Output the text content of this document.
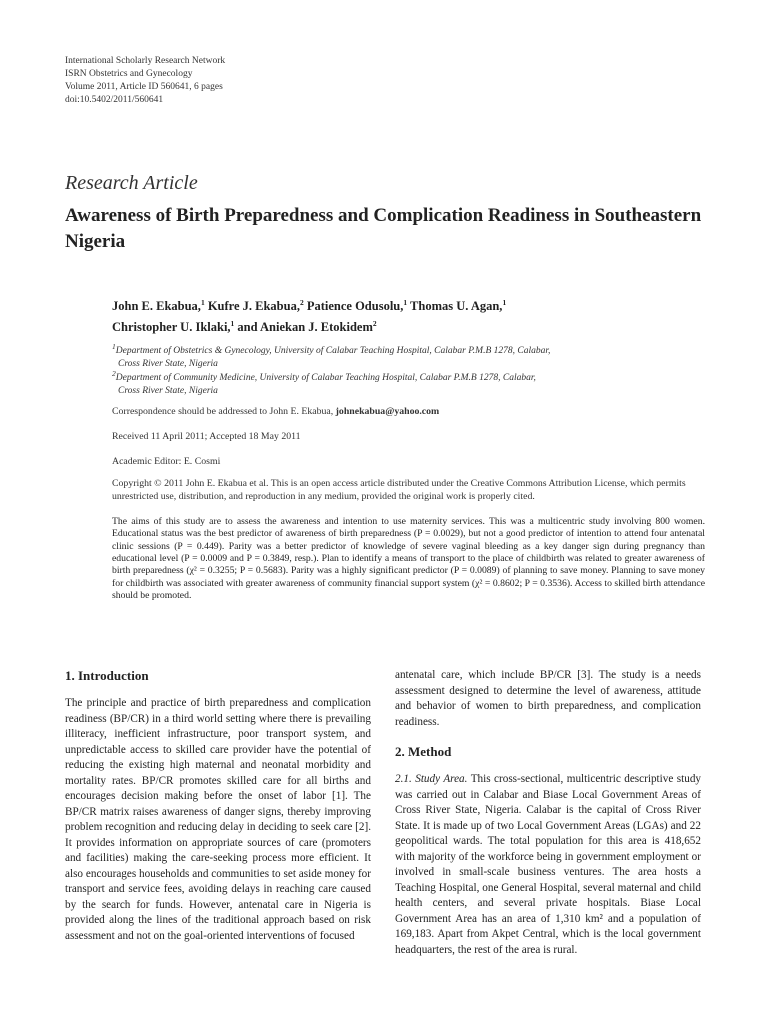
International Scholarly Research Network
ISRN Obstetrics and Gynecology
Volume 2011, Article ID 560641, 6 pages
doi:10.5402/2011/560641
Research Article
Awareness of Birth Preparedness and Complication Readiness in Southeastern Nigeria
John E. Ekabua,$^1$ Kufre J. Ekabua,$^2$ Patience Odusolu,$^1$ Thomas U. Agan,$^1$
Christopher U. Iklaki,$^1$ and Aniekan J. Etokidem$^2$
$^1$Department of Obstetrics & Gynecology, University of Calabar Teaching Hospital, Calabar P.M.B 1278, Calabar,
Cross River State, Nigeria
$^2$Department of Community Medicine, University of Calabar Teaching Hospital, Calabar P.M.B 1278, Calabar,
Cross River State, Nigeria
Correspondence should be addressed to John E. Ekabua, johnekabua@yahoo.com
Received 11 April 2011; Accepted 18 May 2011
Academic Editor: E. Cosmi
Copyright © 2011 John E. Ekabua et al. This is an open access article distributed under the Creative Commons Attribution License, which permits unrestricted use, distribution, and reproduction in any medium, provided the original work is properly cited.
The aims of this study are to assess the awareness and intention to use maternity services. This was a multicentric study involving 800 women. Educational status was the best predictor of awareness of birth preparedness (P = 0.0029), but not a good predictor of intention to attend four antenatal clinic sessions (P = 0.449). Parity was a better predictor of knowledge of severe vaginal bleeding as a key danger sign during pregnancy than educational level (P = 0.0009 and P = 0.3849, resp.). Plan to identify a means of transport to the place of childbirth was related to greater awareness of birth preparedness (χ² = 0.3255; P = 0.5683). Parity was a highly significant predictor (P = 0.0089) of planning to save money. Planning to save money for childbirth was associated with greater awareness of community financial support system (χ² = 0.8602; P = 0.3536). Access to skilled birth attendance should be promoted.
1. Introduction

The principle and practice of birth preparedness and complication readiness (BP/CR) in a third world setting where there is prevailing illiteracy, inefficient infrastructure, poor transport system, and unpredictable access to skilled care provider have the potential of reducing the existing high maternal and neonatal morbidity and mortality rates. BP/CR promotes skilled care for all births and encourages decision making before the onset of labor [1]. The BP/CR matrix raises awareness of danger signs, thereby improving problem recognition and reducing delay in deciding to seek care [2]. It provides information on appropriate sources of care (promoters and facilities) making the care-seeking process more efficient. It also encourages households and communities to set aside money for transport and service fees, avoiding delays in reaching care caused by the search for funds. However, antenatal care in Nigeria is provided along the lines of the traditional approach based on risk assessment and not on the goal-oriented interventions of focused

antenatal care, which include BP/CR [3]. The study is a needs assessment designed to determine the level of awareness, attitude and behavior of women to birth preparedness, and complication readiness.

2. Method

2.1. Study Area. This cross-sectional, multicentric descriptive study was carried out in Calabar and Biase Local Government Areas of Cross River State, Nigeria. Calabar is the capital of Cross River State. It is made up of two Local Government Areas (LGAs) and 22 geopolitical wards. The total population for this area is 418,652 with majority of the workforce being in government employment or involved in small-scale business ventures. The area hosts a Teaching Hospital, one General Hospital, several maternal and child health centers, and several private hospitals. Biase Local Government Area has an area of 1,310 km² and a population of 169,183. Apart from Akpet Central, which is the local government headquarters, the rest of the area is rural.
